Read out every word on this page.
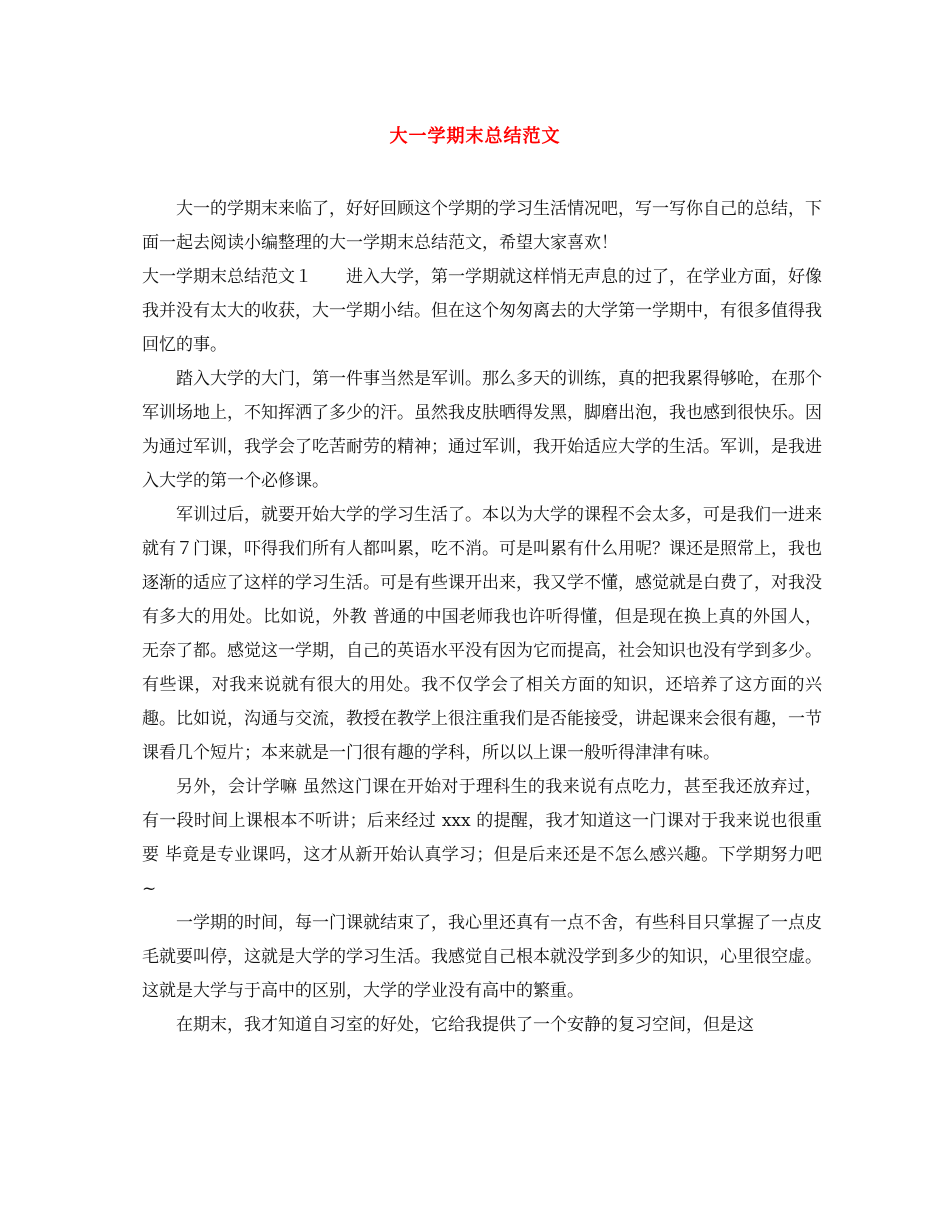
大一学期末总结范文

大一的学期末来临了，好好回顾这个学期的学习生活情况吧，写一写你自己的总结，下面一起去阅读小编整理的大一学期末总结范文，希望大家喜欢！

大一学期末总结范文１　　进入大学，第一学期就这样悄无声息的过了，在学业方面，好像我并没有太大的收获，大一学期小结。但在这个匆匆离去的大学第一学期中，有很多值得我回忆的事。

踏入大学的大门，第一件事当然是军训。那么多天的训练，真的把我累得够呛，在那个军训场地上，不知挥洒了多少的汗。虽然我皮肤晒得发黑，脚磨出泡，我也感到很快乐。因为通过军训，我学会了吃苦耐劳的精神；通过军训，我开始适应大学的生活。军训，是我进入大学的第一个必修课。

军训过后，就要开始大学的学习生活了。本以为大学的课程不会太多，可是我们一进来就有７门课，吓得我们所有人都叫累，吃不消。可是叫累有什么用呢？课还是照常上，我也逐渐的适应了这样的学习生活。可是有些课开出来，我又学不懂，感觉就是白费了，对我没有多大的用处。比如说，外教 普通的中国老师我也许听得懂，但是现在换上真的外国人，无奈了都。感觉这一学期，自己的英语水平没有因为它而提高，社会知识也没有学到多少。有些课，对我来说就有很大的用处。我不仅学会了相关方面的知识，还培养了这方面的兴趣。比如说，沟通与交流，教授在教学上很注重我们是否能接受，讲起课来会很有趣，一节课看几个短片；本来就是一门很有趣的学科，所以以上课一般听得津津有味。

另外，会计学嘛 虽然这门课在开始对于理科生的我来说有点吃力，甚至我还放弃过，有一段时间上课根本不听讲；后来经过 xxx 的提醒，我才知道这一门课对于我来说也很重要 毕竟是专业课吗，这才从新开始认真学习；但是后来还是不怎么感兴趣。下学期努力吧~

一学期的时间，每一门课就结束了，我心里还真有一点不舍，有些科目只掌握了一点皮毛就要叫停，这就是大学的学习生活。我感觉自己根本就没学到多少的知识，心里很空虚。这就是大学与于高中的区别，大学的学业没有高中的繁重。

在期末，我才知道自习室的好处，它给我提供了一个安静的复习空间，但是这
